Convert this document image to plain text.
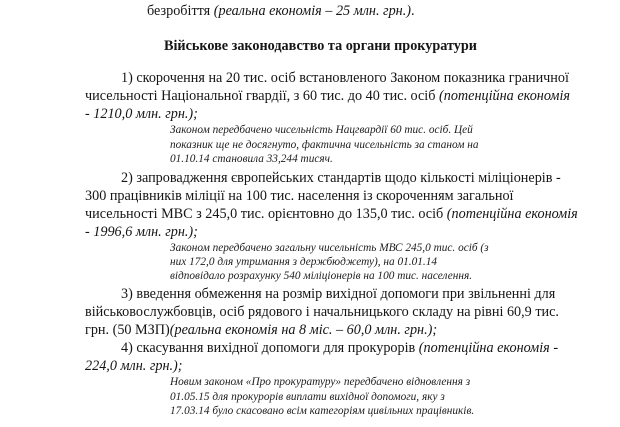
безробіття (реальна економія – 25 млн. грн.).
Військове законодавство та органи прокуратури
1) скорочення на 20 тис. осіб встановленого Законом показника граничної
чисельності Національної гвардії, з 60 тис. до 40 тис. осіб (потенційна економія
- 1210,0 млн. грн.);
Законом передбачено чисельність Нацгвардії 60 тис. осіб. Цей
показник ще не досягнуто, фактична чисельність за станом на
01.10.14 становила 33,244 тисяч.
2) запровадження європейських стандартів щодо кількості міліціонерів -
300 працівників міліції на 100 тис. населення із скороченням загальної
чисельності МВС з 245,0 тис. орієнтовно до 135,0 тис. осіб (потенційна економія
- 1996,6 млн. грн.);
Законом передбачено загальну чисельність МВС 245,0 тис. осіб (з
них 172,0 для утримання з держбюджету), на 01.01.14
відповідало розрахунку 540 міліціонерів на 100 тис. населення.
3) введення обмеження на розмір вихідної допомоги при звільненні для
військовослужбовців, осіб рядового і начальницького складу на рівні 60,9 тис.
грн. (50 МЗП)(реальна економія на 8 міс. – 60,0 млн. грн.);
4) скасування вихідної допомоги для прокурорів (потенційна економія -
224,0 млн. грн.);
Новим законом «Про прокуратуру» передбачено відновлення з
01.05.15 для прокурорів виплати вихідної допомоги, яку з
17.03.14 було скасовано всім категоріям цивільних працівників.
